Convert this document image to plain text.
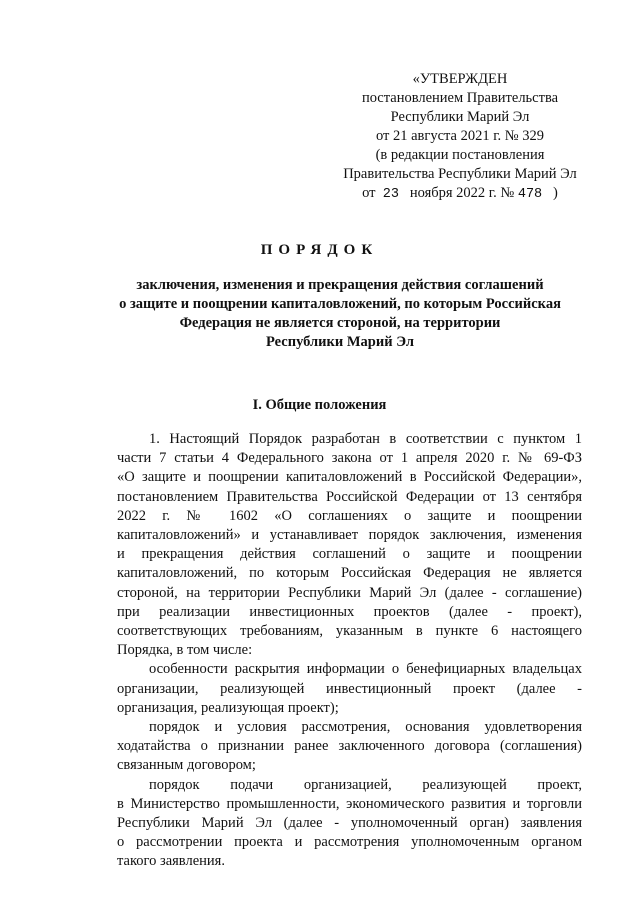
«УТВЕРЖДЕН
постановлением Правительства
Республики Марий Эл
от 21 августа 2021 г. № 329
(в редакции постановления
Правительства Республики Марий Эл
от 23 ноября 2022 г. № 478 )
ПОРЯДОК
заключения, изменения и прекращения действия соглашений
о защите и поощрении капиталовложений, по которым Российская
Федерация не является стороной, на территории
Республики Марий Эл
I. Общие положения
1. Настоящий Порядок разработан в соответствии с пунктом 1
части 7 статьи 4 Федерального закона от 1 апреля 2020 г. № 69-ФЗ
«О защите и поощрении капиталовложений в Российской Федерации»,
постановлением Правительства Российской Федерации от 13 сентября
2022 г. № 1602 «О соглашениях о защите и поощрении
капиталовложений» и устанавливает порядок заключения, изменения
и прекращения действия соглашений о защите и поощрении
капиталовложений, по которым Российская Федерация не является
стороной, на территории Республики Марий Эл (далее - соглашение)
при реализации инвестиционных проектов (далее - проект),
соответствующих требованиям, указанным в пункте 6 настоящего
Порядка, в том числе:
особенности раскрытия информации о бенефициарных владельцах
организации, реализующей инвестиционный проект (далее -
организация, реализующая проект);
порядок и условия рассмотрения, основания удовлетворения
ходатайства о признании ранее заключенного договора (соглашения)
связанным договором;
порядок подачи организацией, реализующей проект,
в Министерство промышленности, экономического развития и торговли
Республики Марий Эл (далее - уполномоченный орган) заявления
о рассмотрении проекта и рассмотрения уполномоченным органом
такого заявления.
